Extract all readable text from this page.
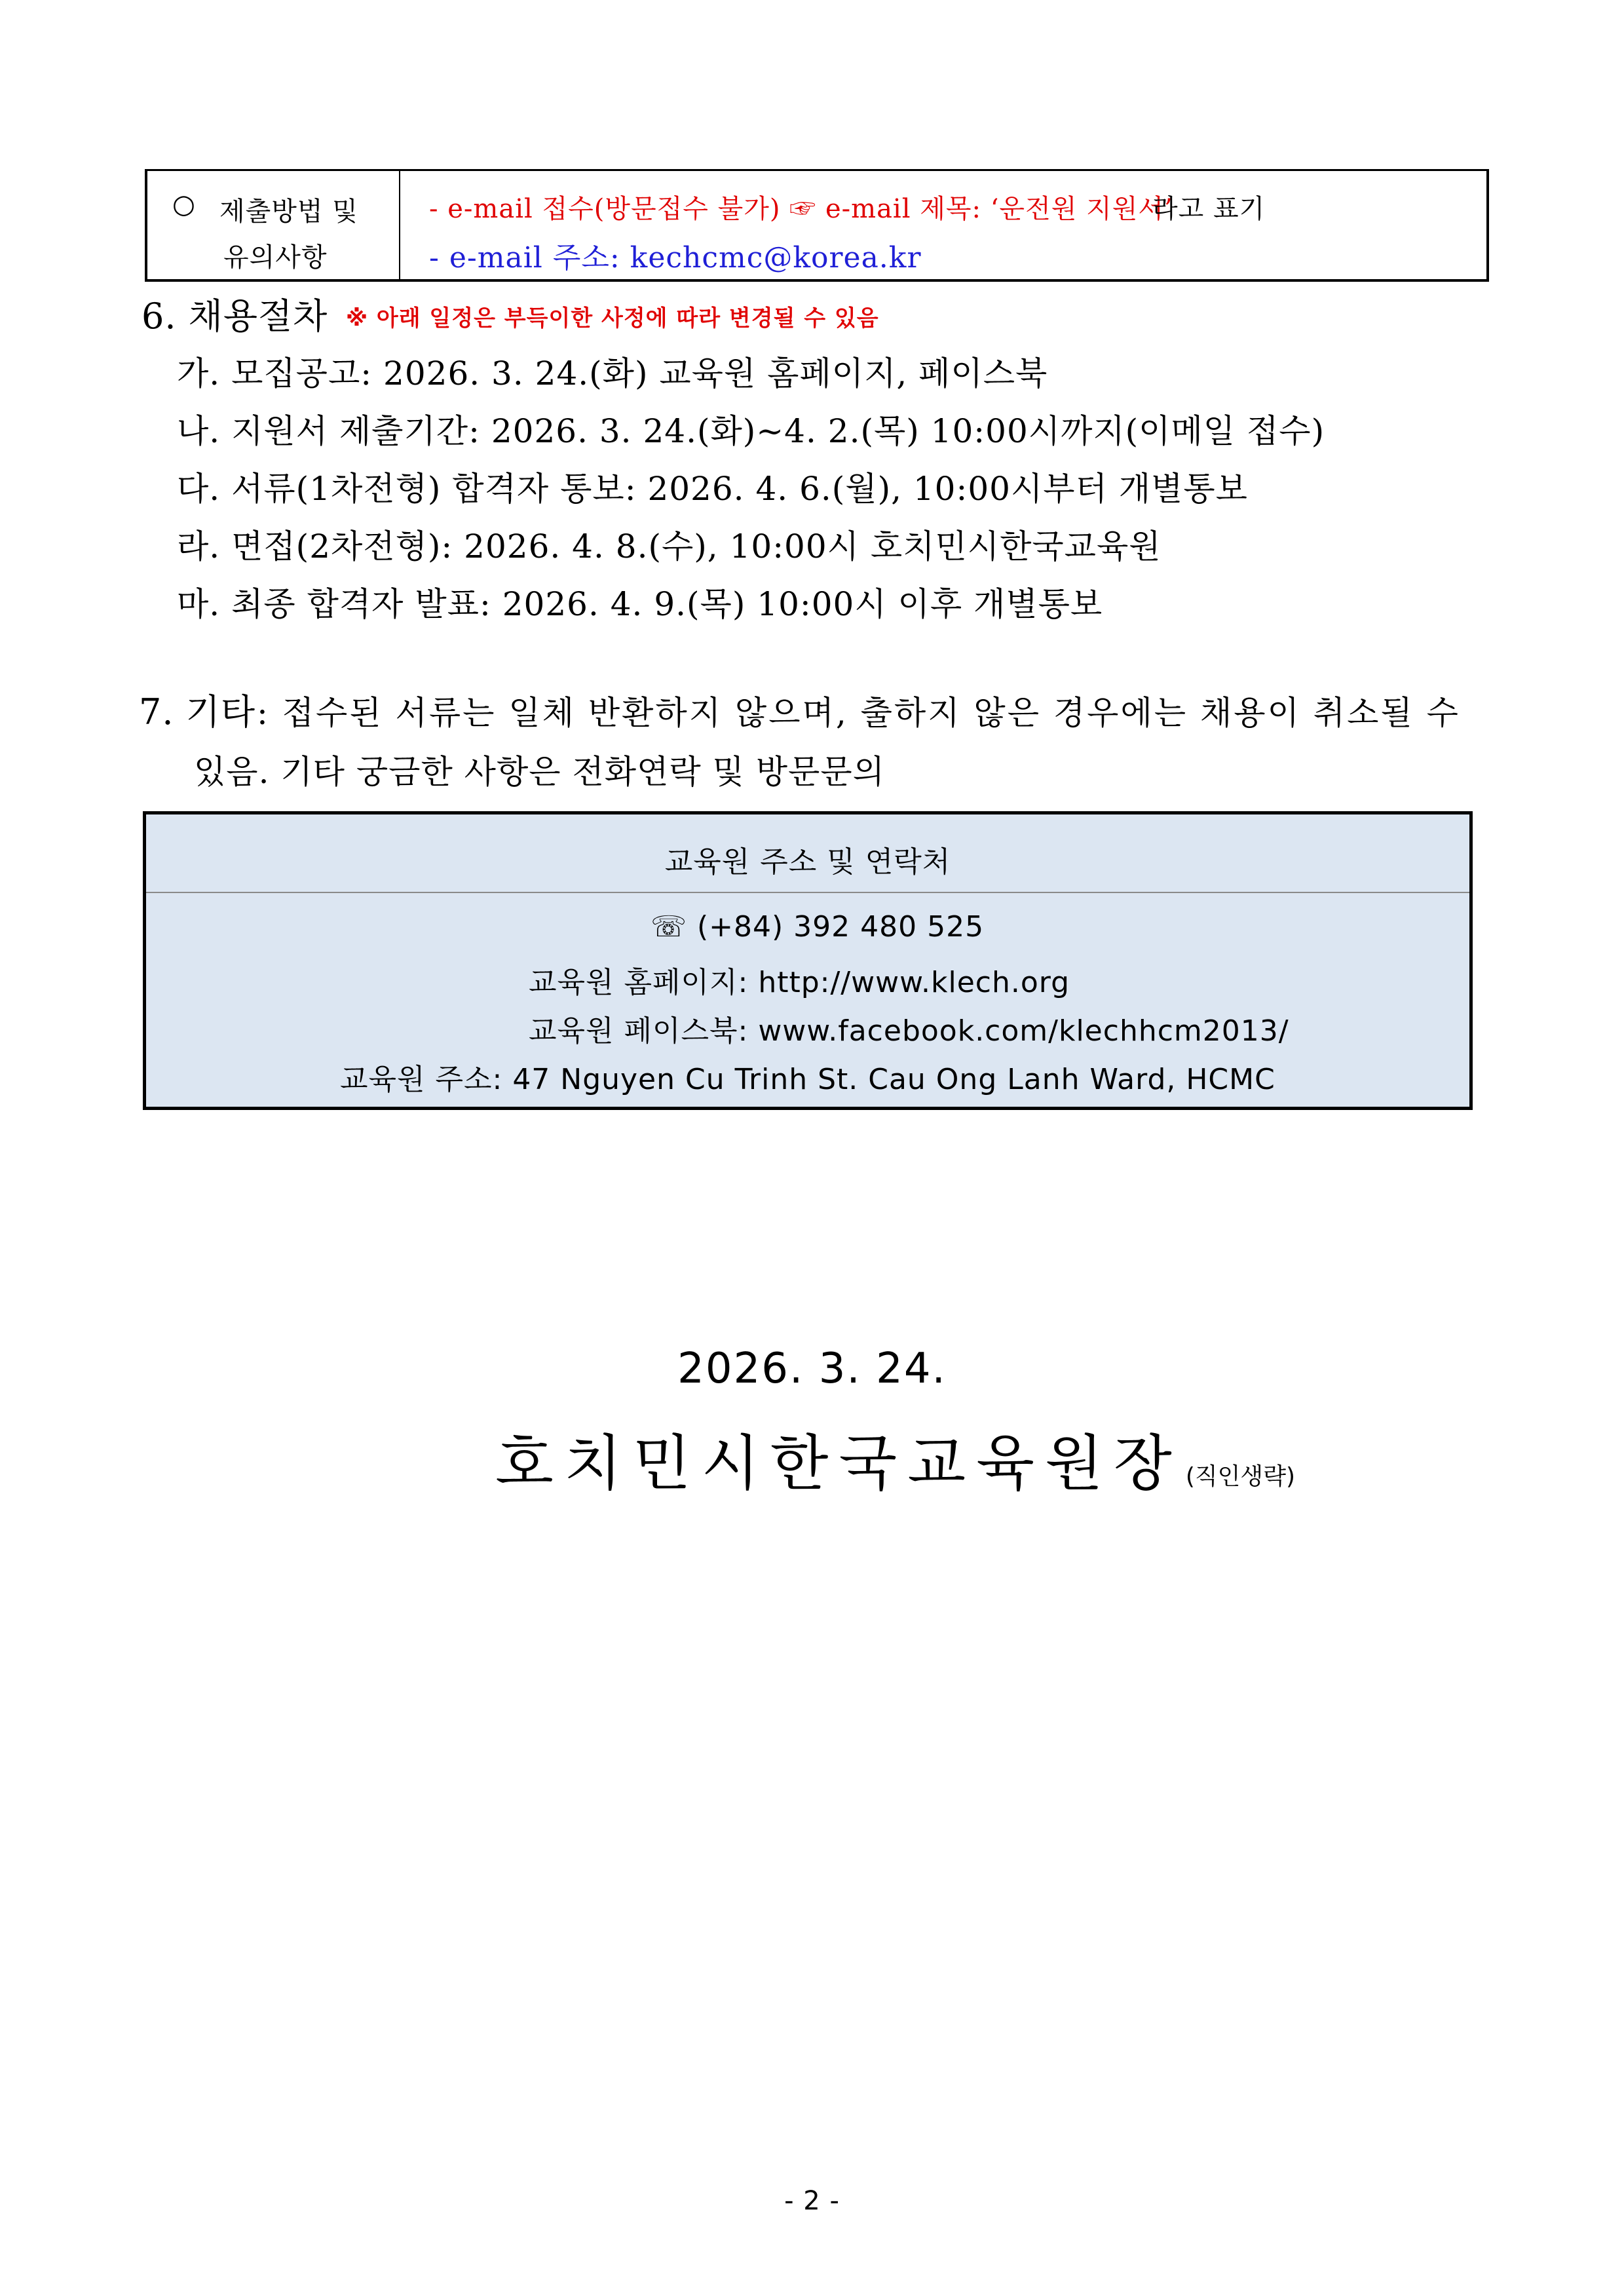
○ 제출방법 및
유의사항
- e-mail 접수(방문접수 불가) ☞ e-mail 제목: ‘운전원 지원서’
라고 표기
- e-mail 주소: kechcmc@korea.kr
6. 채용절차 ※ 아래 일정은 부득이한 사정에 따라 변경될 수 있음
가. 모집공고: 2026. 3. 24.(화) 교육원 홈페이지, 페이스북
나. 지원서 제출기간: 2026. 3. 24.(화)~4. 2.(목) 10:00시까지(이메일 접수)
다. 서류(1차전형) 합격자 통보: 2026. 4. 6.(월), 10:00시부터 개별통보
라. 면접(2차전형): 2026. 4. 8.(수), 10:00시 호치민시한국교육원
마. 최종 합격자 발표: 2026. 4. 9.(목) 10:00시 이후 개별통보
7. 기타 : 접수된 서류는 일체 반환하지 않으며, 출하지 않은 경우에는 채용이 취소될 수
있음. 기타 궁금한 사항은 전화연락 및 방문문의
교육원 주소 및 연락처
☏ (+84) 392 480 525
교육원 홈페이지: http://www.klech.org
교육원 페이스북: www.facebook.com/klechhcm2013/
교육원 주소: 47 Nguyen Cu Trinh St. Cau Ong Lanh Ward, HCMC
2026. 3. 24.
호치민시한국교육원장 (직인생략)
- 2 -
